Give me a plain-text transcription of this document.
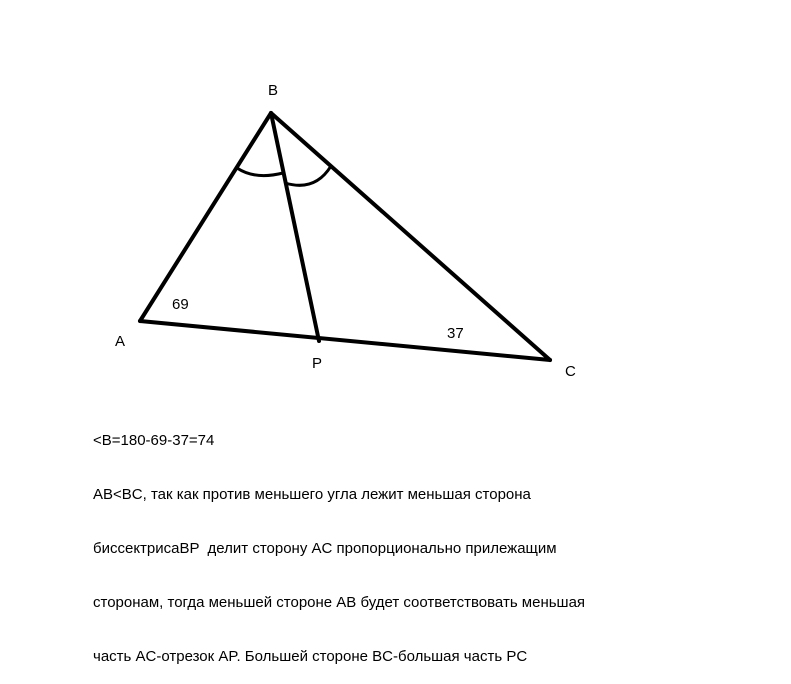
A
B
C
P
69
37

<B=180-69-37=74

AB<BC, так как против меньшего угла лежит меньшая сторона

биссектрисаBP  делит сторону AC пропорционально прилежащим

сторонам, тогда меньшей стороне AB будет соответствовать меньшая

часть AC-отрезок AP. Большей стороне BC-большая часть PC
